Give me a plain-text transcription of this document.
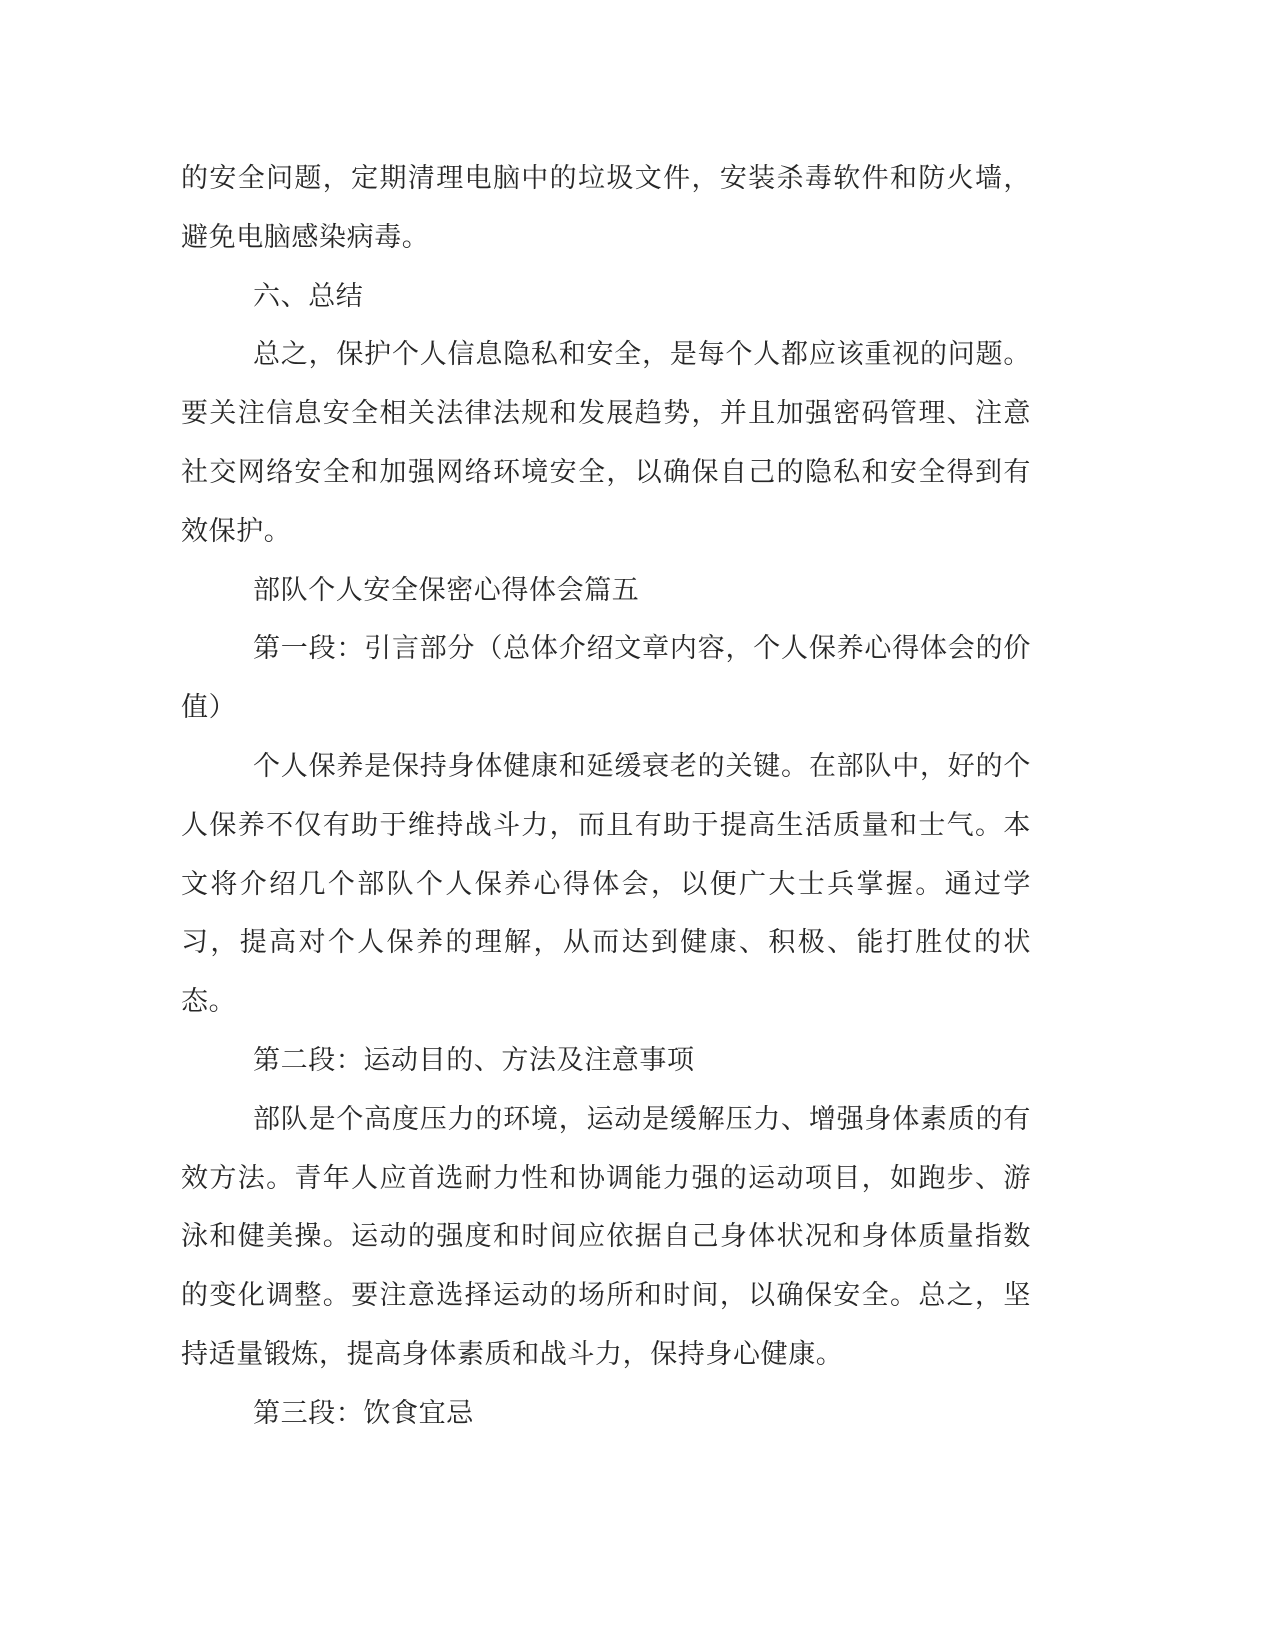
的安全问题，定期清理电脑中的垃圾文件，安装杀毒软件和防火墙，避免电脑感染病毒。

六、总结

总之，保护个人信息隐私和安全，是每个人都应该重视的问题。要关注信息安全相关法律法规和发展趋势，并且加强密码管理、注意社交网络安全和加强网络环境安全，以确保自己的隐私和安全得到有效保护。

部队个人安全保密心得体会篇五

第一段：引言部分（总体介绍文章内容，个人保养心得体会的价值）

个人保养是保持身体健康和延缓衰老的关键。在部队中，好的个人保养不仅有助于维持战斗力，而且有助于提高生活质量和士气。本文将介绍几个部队个人保养心得体会，以便广大士兵掌握。通过学习，提高对个人保养的理解，从而达到健康、积极、能打胜仗的状态。

第二段：运动目的、方法及注意事项

部队是个高度压力的环境，运动是缓解压力、增强身体素质的有效方法。青年人应首选耐力性和协调能力强的运动项目，如跑步、游泳和健美操。运动的强度和时间应依据自己身体状况和身体质量指数的变化调整。要注意选择运动的场所和时间，以确保安全。总之，坚持适量锻炼，提高身体素质和战斗力，保持身心健康。

第三段：饮食宜忌
